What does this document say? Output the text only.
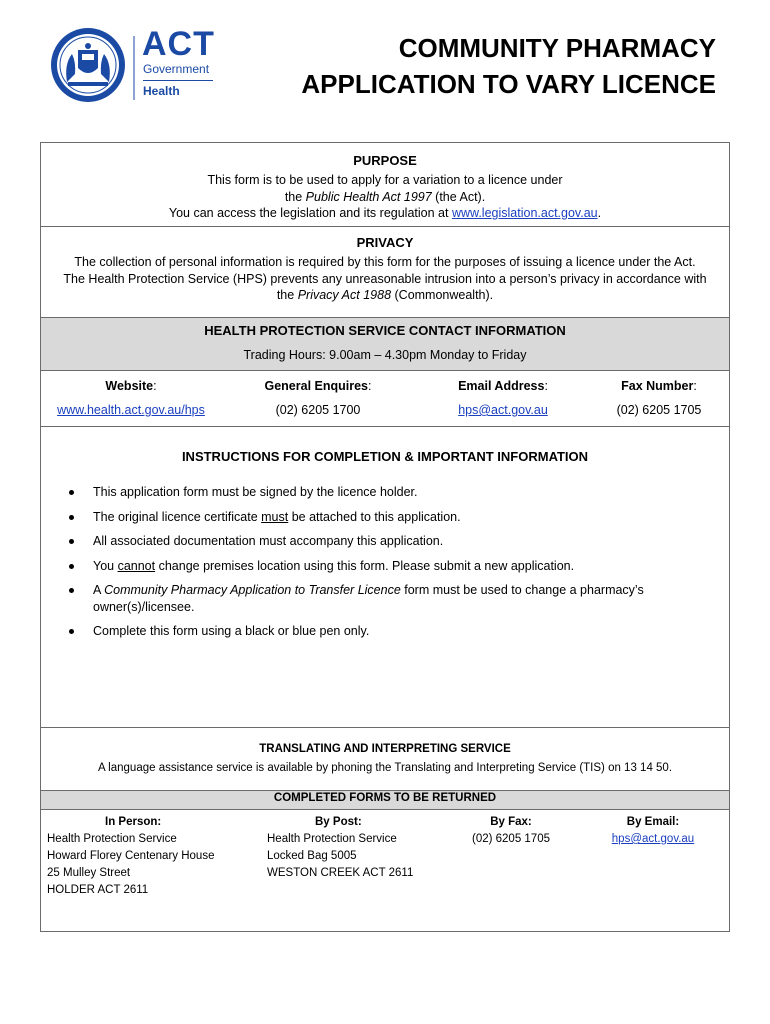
ACT
Government
Health
COMMUNITY PHARMACY
APPLICATION TO VARY LICENCE
PURPOSE
This form is to be used to apply for a variation to a licence under
the Public Health Act 1997 (the Act).
You can access the legislation and its regulation at www.legislation.act.gov.au.
PRIVACY
The collection of personal information is required by this form for the purposes of issuing a licence under the Act.
The Health Protection Service (HPS) prevents any unreasonable intrusion into a person’s privacy in accordance with
the Privacy Act 1988 (Commonwealth).
HEALTH PROTECTION SERVICE CONTACT INFORMATION
Trading Hours: 9.00am – 4.30pm Monday to Friday
Website:
www.health.act.gov.au/hps
General Enquires:
(02) 6205 1700
Email Address:
hps@act.gov.au
Fax Number:
(02) 6205 1705
INSTRUCTIONS FOR COMPLETION & IMPORTANT INFORMATION
This application form must be signed by the licence holder.
The original licence certificate must be attached to this application.
All associated documentation must accompany this application.
You cannot change premises location using this form. Please submit a new application.
A Community Pharmacy Application to Transfer Licence form must be used to change a pharmacy’s owner(s)/licensee.
Complete this form using a black or blue pen only.
TRANSLATING AND INTERPRETING SERVICE
A language assistance service is available by phoning the Translating and Interpreting Service (TIS) on 13 14 50.
COMPLETED FORMS TO BE RETURNED
In Person:
Health Protection Service
Howard Florey Centenary House
25 Mulley Street
HOLDER ACT 2611
By Post:
Health Protection Service
Locked Bag 5005
WESTON CREEK ACT 2611
By Fax:
(02) 6205 1705
By Email:
hps@act.gov.au
